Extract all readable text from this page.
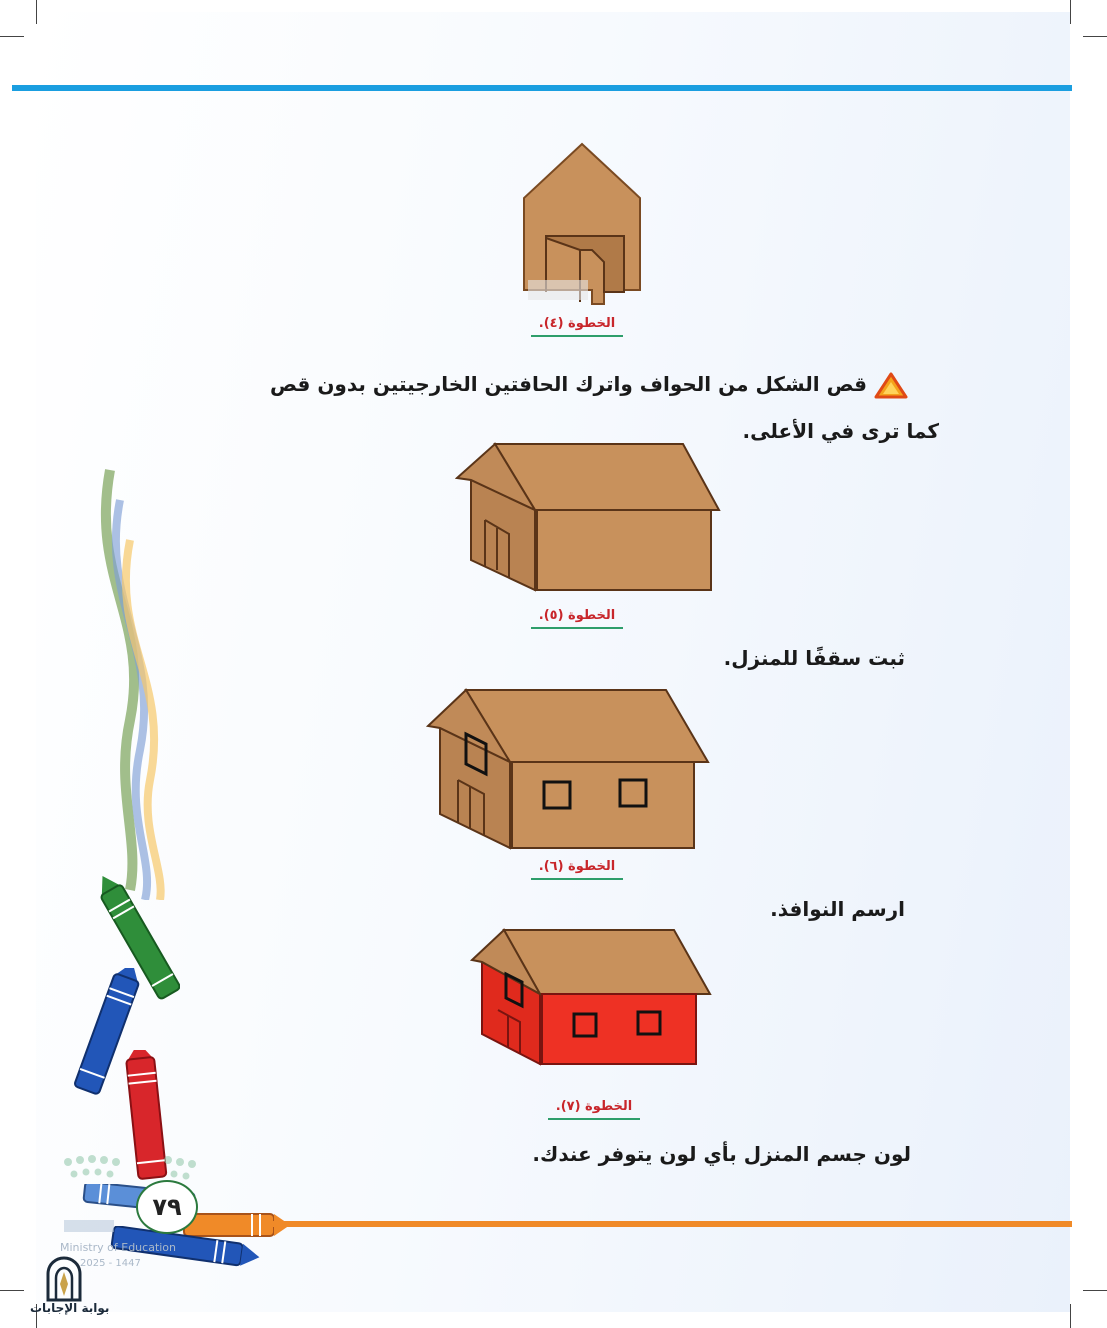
الخطوة (٤).
قص الشكل من الحواف واترك الحافتين الخارجيتين بدون قص
كما ترى في الأعلى.
الخطوة (٥).
ثبت سقفًا للمنزل.
الخطوة (٦).
ارسم النوافذ.
الخطوة (٧).
لون جسم المنزل بأي لون يتوفر عندك.
Ministry of Education
2025 - 1447
٧٩
بوابة الإجابات
